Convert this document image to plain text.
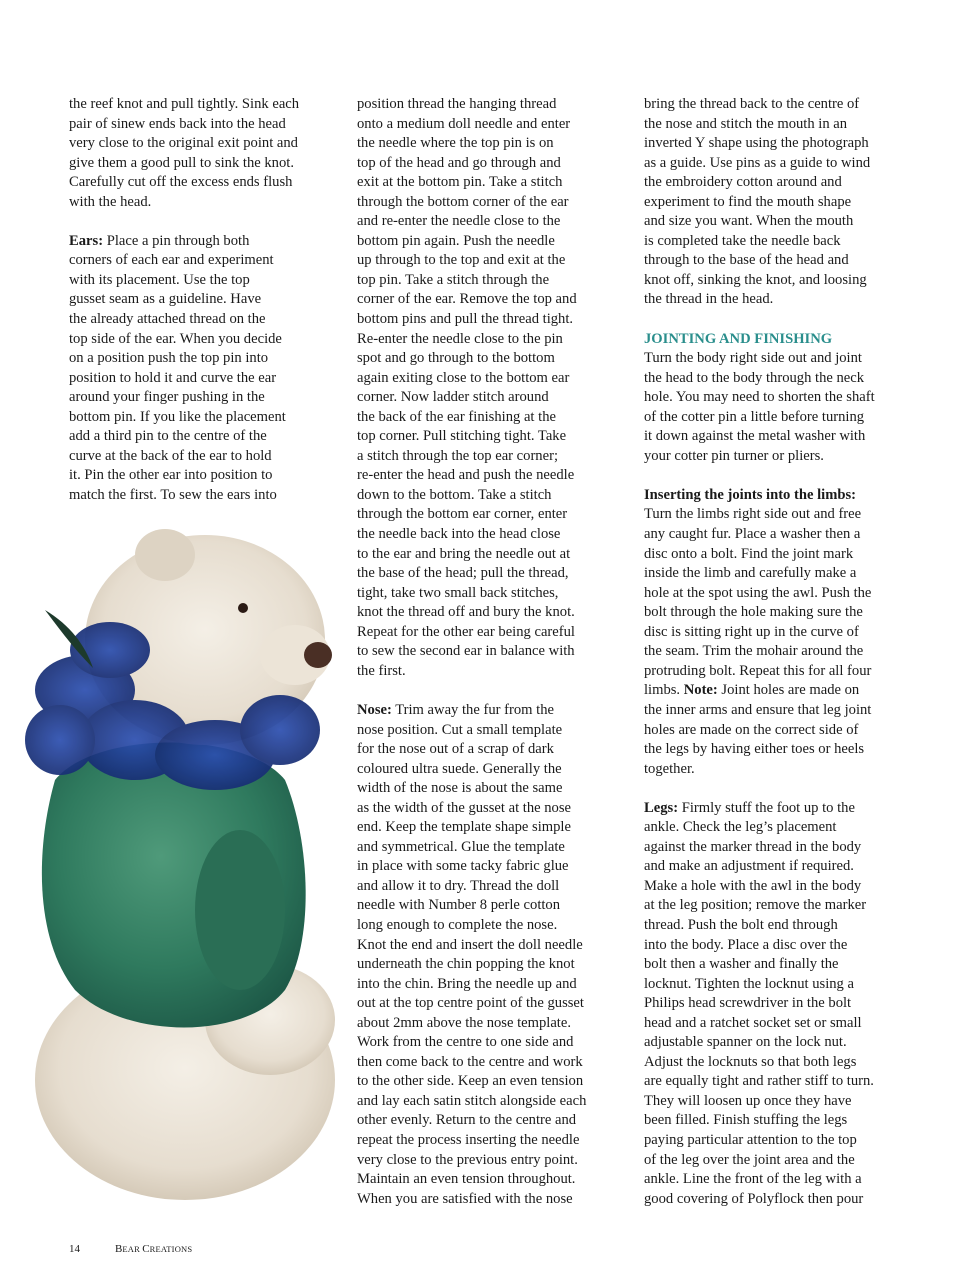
the reef knot and pull tightly. Sink each
pair of sinew ends back into the head
very close to the original exit point and
give them a good pull to sink the knot.
Carefully cut off the excess ends flush
with the head.

Ears: Place a pin through both
corners of each ear and experiment
with its placement. Use the top
gusset seam as a guideline. Have
the already attached thread on the
top side of the ear. When you decide
on a position push the top pin into
position to hold it and curve the ear
around your finger pushing in the
bottom pin. If you like the placement
add a third pin to the centre of the
curve at the back of the ear to hold
it. Pin the other ear into position to
match the first. To sew the ears into

position thread the hanging thread
onto a medium doll needle and enter
the needle where the top pin is on
top of the head and go through and
exit at the bottom pin. Take a stitch
through the bottom corner of the ear
and re-enter the needle close to the
bottom pin again. Push the needle
up through to the top and exit at the
top pin. Take a stitch through the
corner of the ear. Remove the top and
bottom pins and pull the thread tight.
Re-enter the needle close to the pin
spot and go through to the bottom
again exiting close to the bottom ear
corner. Now ladder stitch around
the back of the ear finishing at the
top corner. Pull stitching tight. Take
a stitch through the top ear corner;
re-enter the head and push the needle
down to the bottom. Take a stitch
through the bottom ear corner, enter
the needle back into the head close
to the ear and bring the needle out at
the base of the head; pull the thread,
tight, take two small back stitches,
knot the thread off and bury the knot.
Repeat for the other ear being careful
to sew the second ear in balance with
the first.

Nose: Trim away the fur from the
nose position. Cut a small template
for the nose out of a scrap of dark
coloured ultra suede. Generally the
width of the nose is about the same
as the width of the gusset at the nose
end. Keep the template shape simple
and symmetrical. Glue the template
in place with some tacky fabric glue
and allow it to dry. Thread the doll
needle with Number 8 perle cotton
long enough to complete the nose.
Knot the end and insert the doll needle
underneath the chin popping the knot
into the chin. Bring the needle up and
out at the top centre point of the gusset
about 2mm above the nose template.
Work from the centre to one side and
then come back to the centre and work
to the other side. Keep an even tension
and lay each satin stitch alongside each
other evenly. Return to the centre and
repeat the process inserting the needle
very close to the previous entry point.
Maintain an even tension throughout.
When you are satisfied with the nose

bring the thread back to the centre of
the nose and stitch the mouth in an
inverted Y shape using the photograph
as a guide. Use pins as a guide to wind
the embroidery cotton around and
experiment to find the mouth shape
and size you want. When the mouth
is completed take the needle back
through to the base of the head and
knot off, sinking the knot, and loosing
the thread in the head.

JOINTING AND FINISHING
Turn the body right side out and joint
the head to the body through the neck
hole. You may need to shorten the shaft
of the cotter pin a little before turning
it down against the metal washer with
your cotter pin turner or pliers.

Inserting the joints into the limbs:
Turn the limbs right side out and free
any caught fur. Place a washer then a
disc onto a bolt. Find the joint mark
inside the limb and carefully make a
hole at the spot using the awl. Push the
bolt through the hole making sure the
disc is sitting right up in the curve of
the seam. Trim the mohair around the
protruding bolt. Repeat this for all four
limbs. Note: Joint holes are made on
the inner arms and ensure that leg joint
holes are made on the correct side of
the legs by having either toes or heels
together.

Legs: Firmly stuff the foot up to the
ankle. Check the leg’s placement
against the marker thread in the body
and make an adjustment if required.
Make a hole with the awl in the body
at the leg position; remove the marker
thread. Push the bolt end through
into the body. Place a disc over the
bolt then a washer and finally the
locknut. Tighten the locknut using a
Philips head screwdriver in the bolt
head and a ratchet socket set or small
adjustable spanner on the lock nut.
Adjust the locknuts so that both legs
are equally tight and rather stiff to turn.
They will loosen up once they have
been filled. Finish stuffing the legs
paying particular attention to the top
of the leg over the joint area and the
ankle. Line the front of the leg with a
good covering of Polyflock then pour

14	BEAR CREATIONS
